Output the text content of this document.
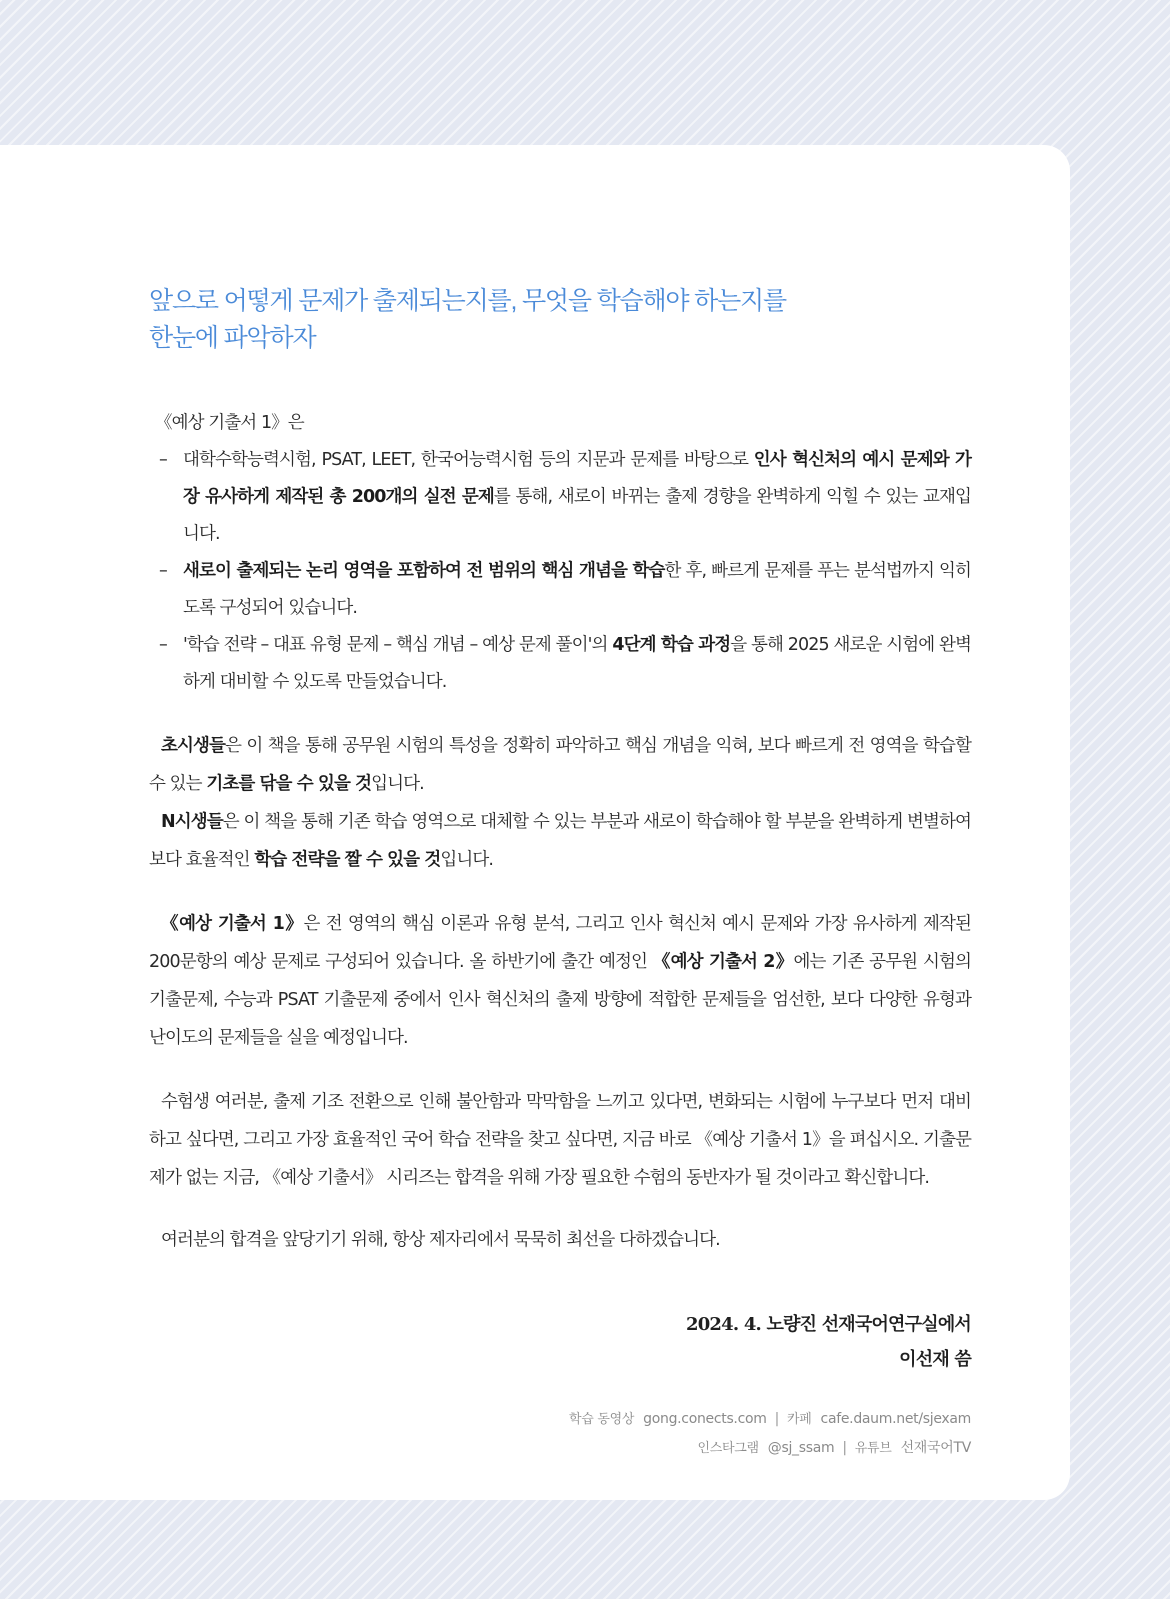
앞으로 어떻게 문제가 출제되는지를, 무엇을 학습해야 하는지를
한눈에 파악하자

《예상 기출서 1》은

– 대학수학능력시험, PSAT, LEET, 한국어능력시험 등의 지문과 문제를 바탕으로 인사 혁신처의 예시 문제와 가장 유사하게 제작된 총 200개의 실전 문제를 통해, 새로이 바뀌는 출제 경향을 완벽하게 익힐 수 있는 교재입니다.
– 새로이 출제되는 논리 영역을 포함하여 전 범위의 핵심 개념을 학습한 후, 빠르게 문제를 푸는 분석법까지 익히도록 구성되어 있습니다.
– '학습 전략 – 대표 유형 문제 – 핵심 개념 – 예상 문제 풀이'의 4단계 학습 과정을 통해 2025 새로운 시험에 완벽하게 대비할 수 있도록 만들었습니다.

초시생들은 이 책을 통해 공무원 시험의 특성을 정확히 파악하고 핵심 개념을 익혀, 보다 빠르게 전 영역을 학습할 수 있는 기초를 닦을 수 있을 것입니다.

N시생들은 이 책을 통해 기존 학습 영역으로 대체할 수 있는 부분과 새로이 학습해야 할 부분을 완벽하게 변별하여 보다 효율적인 학습 전략을 짤 수 있을 것입니다.

《예상 기출서 1》은 전 영역의 핵심 이론과 유형 분석, 그리고 인사 혁신처 예시 문제와 가장 유사하게 제작된 200문항의 예상 문제로 구성되어 있습니다. 올 하반기에 출간 예정인 《예상 기출서 2》에는 기존 공무원 시험의 기출문제, 수능과 PSAT 기출문제 중에서 인사 혁신처의 출제 방향에 적합한 문제들을 엄선한, 보다 다양한 유형과 난이도의 문제들을 실을 예정입니다.

수험생 여러분, 출제 기조 전환으로 인해 불안함과 막막함을 느끼고 있다면, 변화되는 시험에 누구보다 먼저 대비하고 싶다면, 그리고 가장 효율적인 국어 학습 전략을 찾고 싶다면, 지금 바로 《예상 기출서 1》을 펴십시오. 기출문제가 없는 지금, 《예상 기출서》 시리즈는 합격을 위해 가장 필요한 수험의 동반자가 될 것이라고 확신합니다.

여러분의 합격을 앞당기기 위해, 항상 제자리에서 묵묵히 최선을 다하겠습니다.

2024. 4. 노량진 선재국어연구실에서
이선재 씀
학습 동영상 gong.conects.com | 카페 cafe.daum.net/sjexam
인스타그램 @sj_ssam | 유튜브 선재국어TV
